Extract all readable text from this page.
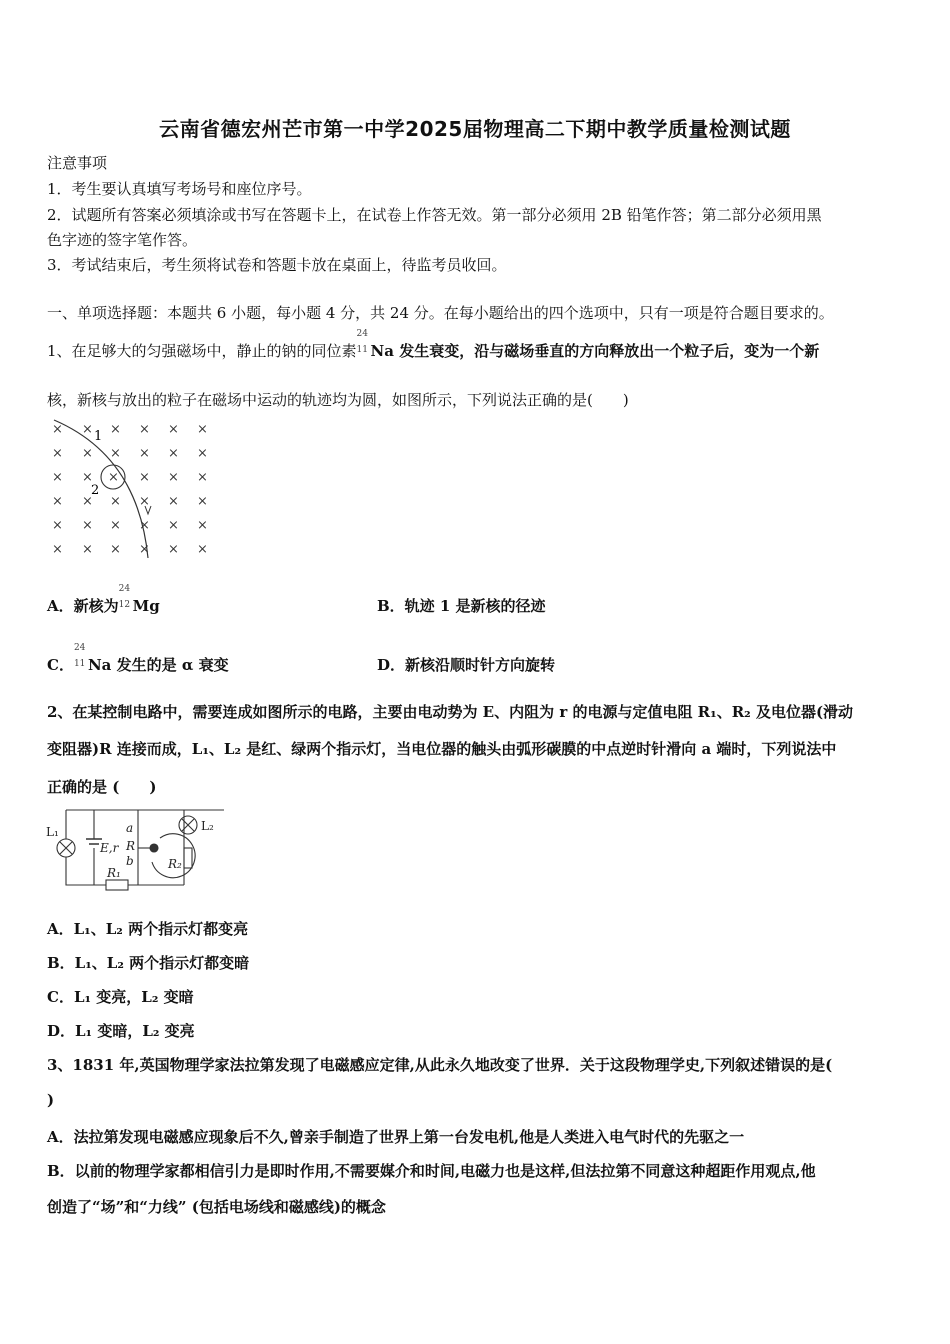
云南省德宏州芒市第一中学2025届物理高二下期中教学质量检测试题
注意事项
1．考生要认真填写考场号和座位序号。
2．试题所有答案必须填涂或书写在答题卡上，在试卷上作答无效。第一部分必须用 2B 铅笔作答；第二部分必须用黑
色字迹的签字笔作答。
3．考试结束后，考生须将试卷和答题卡放在桌面上，待监考员收回。
一、单项选择题：本题共 6 小题，每小题 4 分，共 24 分。在每小题给出的四个选项中，只有一项是符合题目要求的。
1、在足够大的匀强磁场中，静止的钠的同位素
24
11 Na 发生衰变，沿与磁场垂直的方向释放出一个粒子后，变为一个新
核，新核与放出的粒子在磁场中运动的轨迹均为圆，如图所示，下列说法正确的是(　　)
× × × × × ×
× × × × × ×
× × × × × ×
× × × × × ×
× × × × × ×
× × × × × ×
1
2
A．新核为
24
12 Mg	B．轨迹 1 是新核的径迹
C．
24
11 Na 发生的是 α 衰变	D．新核沿顺时针方向旋转
2、在某控制电路中，需要连成如图所示的电路，主要由电动势为 E、内阻为 r 的电源与定值电阻 R₁、R₂ 及电位器(滑动
变阻器)R 连接而成，L₁、L₂ 是红、绿两个指示灯，当电位器的触头由弧形碳膜的中点逆时针滑向 a 端时，下列说法中
正确的是 (　　)
L₁
E,r
a
R
b
L₂
R₂
R₁
A．L₁、L₂ 两个指示灯都变亮
B．L₁、L₂ 两个指示灯都变暗
C．L₁ 变亮，L₂ 变暗
D．L₁ 变暗，L₂ 变亮
3、1831 年,英国物理学家法拉第发现了电磁感应定律,从此永久地改变了世界．关于这段物理学史,下列叙述错误的是(
)
A．法拉第发现电磁感应现象后不久,曾亲手制造了世界上第一台发电机,他是人类进入电气时代的先驱之一
B．以前的物理学家都相信引力是即时作用,不需要媒介和时间,电磁力也是这样,但法拉第不同意这种超距作用观点,他
创造了“场”和“力线” (包括电场线和磁感线)的概念
